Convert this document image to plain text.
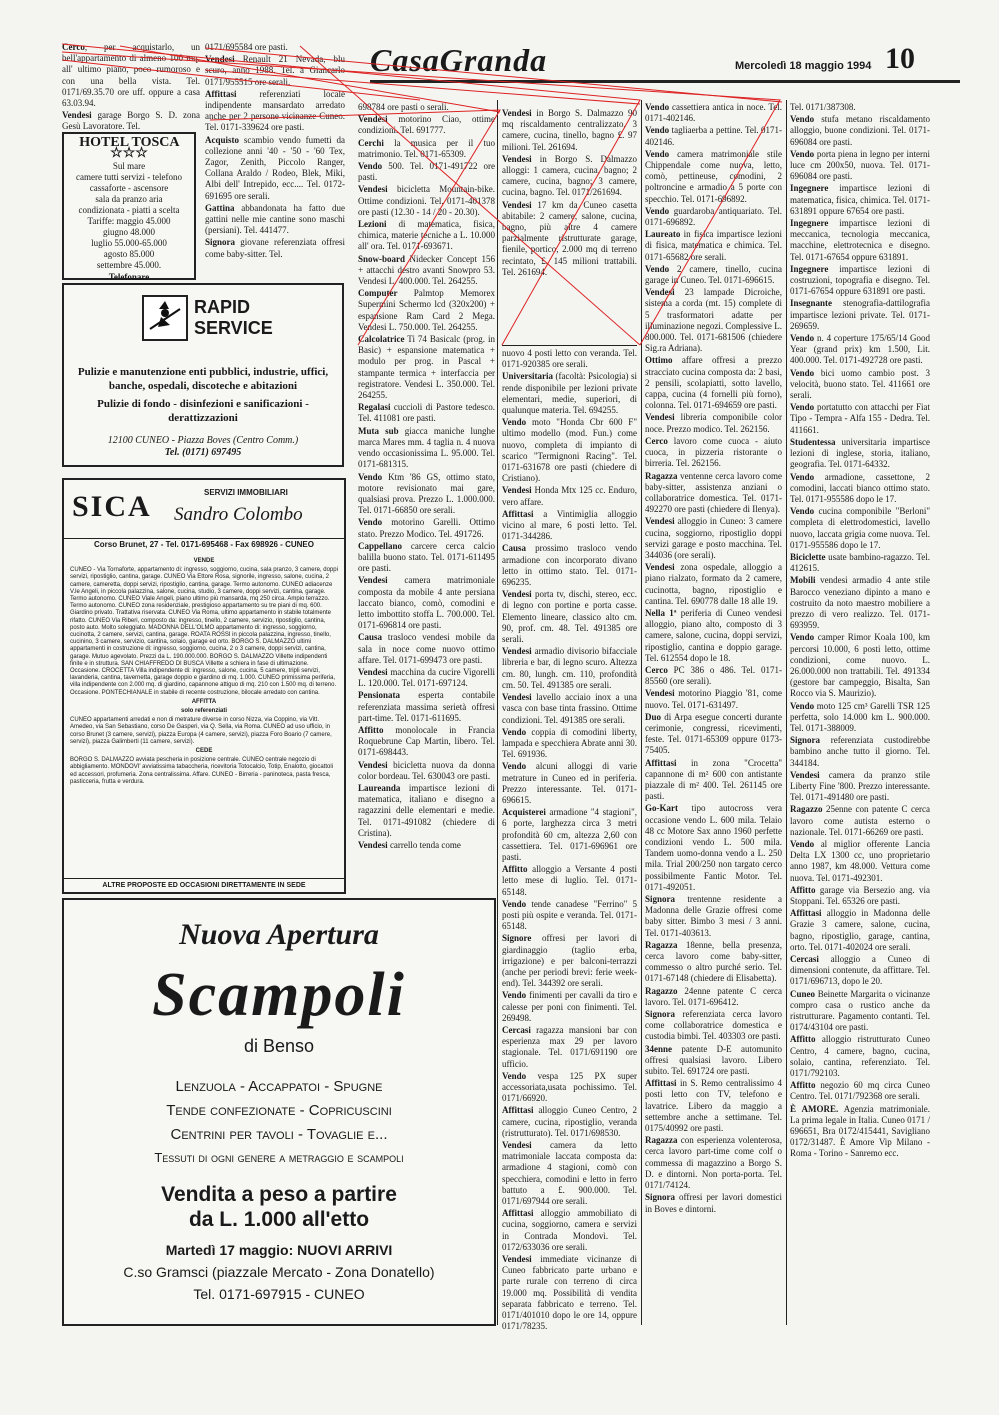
CasaGranda	Mercoledì 18 maggio 1994 10

Cerco, per acquistarlo, un bell'appartamento di almeno 100 mq. all' ultimo piano, poco rumoroso e con una bella vista. Tel. 0171/69.35.70 ore uff. oppure a casa 63.03.94.

Vendesi garage Borgo S. D. zona Gesù Lavoratore. Tel.

0171/695584 ore pasti.

Vendesi Renault 21 Nevada, blu scuro, anno 1988. Tel. a Giancarlo 0171/955515 ore serali.

Affittasi referenziati locale indipendente mansardato arredato anche per 2 persone vicinanze Cuneo. Tel. 0171-339624 ore pasti.

Acquisto scambio vendo fumetti da collezione anni '40 - '50 - '60 Tex, Zagor, Zenith, Piccolo Ranger, Collana Araldo / Rodeo, Blek, Miki, Albi dell' Intrepido, ecc.... Tel. 0172-691695 ore serali.

Gattina abbandonata ha fatto due gattini nelle mie cantine sono maschi (persiani). Tel. 441477.

Signora giovane referenziata offresi come baby-sitter. Tel.

698784 ore pasti o serali.

Vendesi motorino Ciao, ottime condizioni. Tel. 691777.

Cerchi la musica per il tuo matrimonio. Tel. 0171-65309.

Vendo 500. Tel. 0171-491722 ore pasti.

Vendesi bicicletta Mountain-bike. Ottime condizioni. Tel. 0171-401378 ore pasti (12.30 - 14 / 20 - 20.30).

Lezioni di matematica, fisica, chimica, materie tecniche a L. 10.000 all' ora. Tel. 0171-693671.

Snow-board Nidecker Concept 156 + attacchi destro avanti Snowpro 53. Vendesi L. 400.000. Tel. 264255.

Computer Palmtop Memorex Supermini Schermo lcd (320x200) + espansione Ram Card 2 Mega. Vendesi L. 750.000. Tel. 264255.

Calcolatrice Ti 74 Basicalc (prog. in Basic) + espansione matematica + modulo per prog. in Pascal + stampante termica + interfaccia per registratore. Vendesi L. 350.000. Tel. 264255.

Regalasi cuccioli di Pastore tedesco. Tel. 411081 ore pasti.

Muta sub giacca maniche lunghe marca Mares mm. 4 taglia n. 4 nuova vendo occasionissima L. 95.000. Tel. 0171-681315.

Vendo Ktm '86 GS, ottimo stato, motore revisionato mai gare, qualsiasi prova. Prezzo L. 1.000.000. Tel. 0171-66850 ore serali.

Vendo motorino Garelli. Ottimo stato. Prezzo Modico. Tel. 491726.

Cappellano carcere cerca calcio balilla buono stato. Tel. 0171-611495 ore pasti.

Vendesi camera matrimoniale composta da mobile 4 ante persiana laccato bianco, comò, comodini e letto imbottito stoffa L. 700.000. Tel. 0171-696814 ore pasti.

Causa trasloco vendesi mobile da sala in noce come nuovo ottimo affare. Tel. 0171-699473 ore pasti.

Vendesi macchina da cucire Vigorelli L. 120.000. Tel. 0171-697124.

Pensionata esperta contabile referenziata massima serietà offresi part-time. Tel. 0171-611695.

Affitto monolocale in Francia Roquebrune Cap Martin, libero. Tel. 0171-698443.

Vendesi bicicletta nuova da donna color bordeau. Tel. 630043 ore pasti.

Laureanda impartisce lezioni di matematica, italiano e disegno a ragazzini delle elementari e medie. Tel. 0171-491082 (chiedere di Cristina).

Vendesi carrello tenda come

Vendesi in Borgo S. Dalmazzo 90 mq riscaldamento centralizzato, 3 camere, cucina, tinello, bagno £. 97 milioni. Tel. 261694.

Vendesi in Borgo S. Dalmazzo alloggi: 1 camera, cucina, bagno; 2 camere, cucina, bagno; 3 camere, cucina, bagno. Tel. 0171/261694.

Vendesi 17 km da Cuneo casetta abitabile: 2 camere, salone, cucina, bagno, più altre 4 camere parzialmente ristrutturate garage, fienile, portico, 2.000 mq di terreno recintato, £. 145 milioni trattabili. Tel. 261694.

nuovo 4 posti letto con veranda. Tel. 0171-920385 ore serali.

Universitaria (facoltà: Psicologia) si rende disponibile per lezioni private elementari, medie, superiori, di qualunque materia. Tel. 694255.

Vendo moto "Honda Cbr 600 F" ultimo modello (mod. Fun.) come nuovo, completa di impianto di scarico "Termignoni Racing". Tel. 0171-631678 ore pasti (chiedere di Cristiano).

Vendesi Honda Mtx 125 cc. Enduro, vero affare.

Affittasi a Vintimiglia alloggio vicino al mare, 6 posti letto. Tel. 0171-344286.

Causa prossimo trasloco vendo armadione con incorporato divano letto in ottimo stato. Tel. 0171-696235.

Vendesi porta tv, dischi, stereo, ecc. di legno con portine e porta casse. Elemento lineare, classico alto cm. 90, prof. cm. 48. Tel. 491385 ore serali.

Vendesi armadio divisorio bifacciale libreria e bar, di legno scuro. Altezza cm. 80, lungh. cm. 110, profondità cm. 50. Tel. 491385 ore serali.

Vendesi lavello acciaio inox a una vasca con base tinta frassino. Ottime condizioni. Tel. 491385 ore serali.

Vendo coppia di comodini liberty, lampada e specchiera Abrate anni 30. Tel. 691936.

Vendo alcuni alloggi di varie metrature in Cuneo ed in periferia. Prezzo interessante. Tel. 0171-696615.

Acquisterei armadione "4 stagioni", 6 porte, larghezza circa 3 metri profondità 60 cm, altezza 2,60 con cassettiera. Tel. 0171-696961 ore pasti.

Affitto alloggio a Versante 4 posti letto mese di luglio. Tel. 0171-65148.

Vendo tende canadese "Ferrino" 5 posti più ospite e veranda. Tel. 0171-65148.

Signore offresi per lavori di giardinaggio (taglio erba, irrigazione) e per balconi-terrazzi (anche per periodi brevi: ferie week-end). Tel. 344392 ore serali.

Vendo finimenti per cavalli da tiro e calesse per poni con finimenti. Tel. 269498.

Cercasi ragazza mansioni bar con esperienza max 29 per lavoro stagionale. Tel. 0171/691190 ore ufficio.

Vendo vespa 125 PX super accessoriata,usata pochissimo. Tel. 0171/66920.

Affittasi alloggio Cuneo Centro, 2 camere, cucina, ripostiglio, veranda (ristrutturato). Tel. 0171/698530.

Vendesi camera da letto matrimoniale laccata composta da: armadione 4 stagioni, comò con specchiera, comodini e letto in ferro battuto a £. 900.000. Tel. 0171/697944 ore serali.

Affittasi alloggio ammobiliato di cucina, soggiorno, camera e servizi in Contrada Mondovì. Tel. 0172/633036 ore serali.

Vendesi immediate vicinanze di Cuneo fabbricato parte urbano e parte rurale con terreno di circa 19.000 mq. Possibilità di vendita separata fabbricato e terreno. Tel. 0171/401010 dopo le ore 14, oppure 0171/78235.

Vendo cassettiera antica in noce. Tel. 0171-402146.

Vendo tagliaerba a pettine. Tel. 0171-402146.

Vendo camera matrimoniale stile Chippendale come nuova, letto, comò, pettineuse, comodini, 2 poltroncine e armadio a 5 porte con specchio. Tel. 0171-696892.

Vendo guardaroba antiquariato. Tel. 0171-696892.

Laureato in fisica impartisce lezioni di fisica, matematica e chimica. Tel. 0171-65682 ore serali.

Vendo 2 camere, tinello, cucina garage in Cuneo. Tel. 0171-696615.

Vendesi 23 lampade Dicroiche, sistema a corda (mt. 15) complete di 5 trasformatori adatte per illuminazione negozi. Complessive L. 800.000. Tel. 0171-681506 (chiedere Sig.ra Adriana).

Ottimo affare offresi a prezzo stracciato cucina composta da: 2 basi, 2 pensili, scolapiatti, sotto lavello, cappa, cucina (4 fornelli più forno), colonna. Tel. 0171-694659 ore pasti.

Vendesi libreria componibile color noce. Prezzo modico. Tel. 262156.

Cerco lavoro come cuoca - aiuto cuoca, in pizzeria ristorante o birreria. Tel. 262156.

Ragazza ventenne cerca lavoro come baby-sitter, assistenza anziani o collaboratrice domestica. Tel. 0171-492270 ore pasti (chiedere di Ilenya).

Vendesi alloggio in Cuneo: 3 camere cucina, soggiorno, ripostiglio doppi servizi garage e posto macchina. Tel. 344036 (ore serali).

Vendesi zona ospedale, alloggio a piano rialzato, formato da 2 camere, cucinotta, bagno, ripostiglio e cantina. Tel. 690778 dalle 18 alle 19.

Nella 1ª periferia di Cuneo vendesi alloggio, piano alto, composto di 3 camere, salone, cucina, doppi servizi, ripostiglio, cantina e doppio garage. Tel. 612554 dopo le 18.

Cerco PC 386 o 486. Tel. 0171-85560 (ore serali).

Vendesi motorino Piaggio '81, come nuovo. Tel. 0171-631497.

Duo di Arpa esegue concerti durante cerimonie, congressi, ricevimenti, feste. Tel. 0171-65309 oppure 0173-75405.

Affittasi in zona "Crocetta" capannone di m² 600 con antistante piazzale di m² 400. Tel. 261145 ore pasti.

Go-Kart tipo autocross vera occasione vendo L. 600 mila. Telaio 48 cc Motore Sax anno 1960 perfette condizioni vendo L. 500 mila. Tandem uomo-donna vendo a L. 250 mila. Trial 200/250 non targato cerco possibilmente Fantic Motor. Tel. 0171-492051.

Signora trentenne residente a Madonna delle Grazie offresi come baby sitter. Bimbo 3 mesi / 3 anni. Tel. 0171-403613.

Ragazza 18enne, bella presenza, cerca lavoro come baby-sitter, commesso o altro purché serio. Tel. 0171-67148 (chiedere di Elisabetta).

Ragazzo 24enne patente C cerca lavoro. Tel. 0171-696412.

Signora referenziata cerca lavoro come collaboratrice domestica e custodia bimbi. Tel. 403303 ore pasti.

34enne patente D-E automunito offresi qualsiasi lavoro. Libero subito. Tel. 691724 ore pasti.

Affittasi in S. Remo centralissimo 4 posti letto con TV, telefono e lavatrice. Libero da maggio a settembre anche a settimane. Tel. 0175/40992 ore pasti.

Ragazza con esperienza volenterosa, cerca lavoro part-time come colf o commessa di magazzino a Borgo S. D. e dintorni. Non porta-porta. Tel. 0171/74124.

Signora offresi per lavori domestici in Boves e dintorni.

Tel. 0171/387308.

Vendo stufa metano riscaldamento alloggio, buone condizioni. Tel. 0171-696084 ore pasti.

Vendo porta pienа in legno per interni luce cm 200x50, nuova. Tel. 0171-696084 ore pasti.

Ingegnere impartisce lezioni di matematica, fisica, chimica. Tel. 0171-631891 oppure 67654 ore pasti.

Ingegnere impartisce lezioni di meccanica, tecnologia meccanica, macchine, elettrotecnica e disegno. Tel. 0171-67654 oppure 631891.

Ingegnere impartisce lezioni di costruzioni, topografia e disegno. Tel. 0171-67654 oppure 631891 ore pasti.

Insegnante stenografia-dattilografia impartisce lezioni private. Tel. 0171-269659.

Vendo n. 4 coperture 175/65/14 Good Year (grand prix) km 1.500, Lit. 400.000. Tel. 0171-492728 ore pasti.

Vendo bici uomo cambio post. 3 velocità, buono stato. Tel. 411661 ore serali.

Vendo portatutto con attacchi per Fiat Tipo - Tempra - Alfa 155 - Dedra. Tel. 411661.

Studentessa universitaria impartisce lezioni di inglese, storia, italiano, geografia. Tel. 0171-64332.

Vendo armadione, cassettone, 2 comodini, laccati bianco ottimo stato. Tel. 0171-955586 dopo le 17.

Vendo cucina componibile "Berloni" completa di elettrodomestici, lavello nuovo, laccata grigia come nuova. Tel. 0171-955586 dopo le 17.

Biciclette usate bambino-ragazzo. Tel. 412615.

Mobili vendesi armadio 4 ante stile Barocco veneziano dipinto a mano e costruito da noto maestro mobiliere a prezzo di vero realizzo. Tel. 0171-693959.

Vendo camper Rimor Koala 100, km percorsi 10.000, 6 posti letto, ottime condizioni, come nuovo. L. 26.000.000 non trattabili. Tel. 491334 (gestore bar campeggio, Bisalta, San Rocco via S. Maurizio).

Vendo moto 125 cm³ Garelli TSR 125 perfetta, solo 14.000 km L. 900.000. Tel. 0171-388009.

Signora referenziata custodirebbe bambino anche tutto il giorno. Tel. 344184.

Vendesi camera da pranzo stile Liberty Fine '800. Prezzo interessante. Tel. 0171-491480 ore pasti.

Ragazzo 25enne con patente C cerca lavoro come autista esterno o nazionale. Tel. 0171-66269 ore pasti.

Vendo al miglior offerente Lancia Delta LX 1300 cc, uno proprietario anno 1987, km 48.000. Vettura come nuova. Tel. 0171-492301.

Affitto garage via Bersezio ang. via Stoppani. Tel. 65326 ore pasti.

Affittasi alloggio in Madonna delle Grazie 3 camere, salone, cucina, bagno, ripostiglio, garage, cantina, orto. Tel. 0171-402024 ore serali.

Cercasi alloggio a Cuneo di dimensioni contenute, da affittare. Tel. 0171/696713, dopo le 20.

Cuneo Beinette Margarita o vicinanze compro casa o rustico anche da ristrutturare. Pagamento contanti. Tel. 0174/43104 ore pasti.

Affitto alloggio ristrutturato Cuneo Centro, 4 camere, bagno, cucina, solaio, cantina, referenziato. Tel. 0171/792103.

Affitto negozio 60 mq circa Cuneo Centro. Tel. 0171/792368 ore serali.

È AMORE. Agenzia matrimoniale. La prima legale in Italia. Cuneo 0171 / 696651, Bra 0172/415441, Savigliano 0172/31487. È Amore Vip Milano - Roma - Torino - Sanremo ecc.

HOTEL TOSCA ☆☆☆
Sul mare
camere tutti servizi - telefono
cassaforte - ascensore
sala da pranzo aria
condizionata - piatti a scelta
Tariffe: maggio 45.000
giugno 48.000
luglio 55.000-65.000
agosto 85.000
settembre 45.000.
Telefonare
RAPID
SERVICE
Pulizie e manutenzione enti pubblici, industrie, uffici, banche, ospedali, discoteche e abitazioni
Pulizie di fondo - disinfezioni e sanificazioni - derattizzazioni
12100 CUNEO - Piazza Boves (Centro Comm.)
Tel. (0171) 697495
SICA	SERVIZI IMMOBILIARI
Sandro Colombo
Corso Brunet, 27 - Tel. 0171-695468 - Fax 698926 - CUNEO
VENDE
CUNEO - Via Tornaforte, appartamento di: ingresso, soggiorno, cucina, sala pranzo, 3 camere, doppi servizi, ripostiglio, cantina, garage. CUNEO Via Ettore Rosa, signorile, ingresso, salone, cucina, 2 camere, cameretta, doppi servizi, ripostiglio, cantina, garage. Termo autonomo. CUNEO adiacenze V.le Angeli, in piccola palazzina, salone, cucina, studio, 3 camere, doppi servizi, cantina, garage. Termo autonomo. CUNEO Viale Angeli, piano ultimo più mansarda, mq 250 circa. Ampio terrazzo. Termo autonomo. CUNEO zona residenziale, prestigioso appartamento su tre piani di mq. 600. Giardino privato. Trattativa riservata. CUNEO Via Roma, ultimo appartamento in stabile totalmente rifatto. CUNEO Via Riberi, composto da: ingresso, tinello, 2 camere, servizio, ripostiglio, cantina, posto auto. Molto soleggiato. MADONNA DELL'OLMO appartamento di: ingresso, soggiorno, cucinotta, 2 camere, servizi, cantina, garage. ROATA ROSSI in piccola palazzina, ingresso, tinello, cucinino, 3 camere, servizio, cantina, solaio, garage ed orto. BORGO S. DALMAZZO ultimi appartamenti in costruzione di: ingresso, soggiorno, cucina, 2 o 3 camere, doppi servizi, cantina, garage. Mutuo agevolato. Prezzi da L. 190.000.000. BORGO S. DALMAZZO Villette indipendenti finite e in struttura. SAN CHIAFFREDO DI BUSCA Villette a schiera in fase di ultimazione. Occasione. CROCETTA Villa indipendente di: ingresso, salone, cucina, 5 camere, tripli servizi, lavanderia, cantina, tavernetta, garage doppio e giardino di mq. 1.000. CUNEO primissima periferia, villa indipendente con 2.000 mq. di giardino, capannone attiguo di mq. 210 con 1.500 mq. di terreno. Occasione. PONTECHIANALE in stabile di recente costruzione, bilocale arredato con cantina.
AFFITTA
solo referenziati
CUNEO appartamenti arredati e non di metrature diverse in corso Nizza, via Coppino, via Vitt. Amedeo, via San Sebastiano, corso De Gasperi, via Q. Sella, via Roma. CUNEO ad uso ufficio, in corso Brunet (3 camere, servizi), piazza Europa (4 camere, servizi), piazza Foro Boario (7 camere, servizi), piazza Galimberti (11 camere, servizi).
CEDE
BORGO S. DALMAZZO avviata pescheria in posizione centrale. CUNEO centrale negozio di abbigliamento. MONDOVI' avviatissima tabaccheria, ricevitoria Totocalcio, Totip, Enalotto, giocattoli ed accessori, profumeria. Zona centralissima. Affare. CUNEO - Birreria - paninoteca, pasta fresca, pasticceria, frutta e verdura.
ALTRE PROPOSTE ED OCCASIONI DIRETTAMENTE IN SEDE
Nuova Apertura
Scampoli
di Benso
Lenzuola - Accappatoi - Spugne
Tende confezionate - Copricuscini
Centrini per tavoli - Tovaglie e...
Tessuti di ogni genere a metraggio e scampoli
Vendita a peso a partire
da L. 1.000 all'etto
Martedì 17 maggio: NUOVI ARRIVI
C.so Gramsci (piazzale Mercato - Zona Donatello)
Tel. 0171-697915 - CUNEO
